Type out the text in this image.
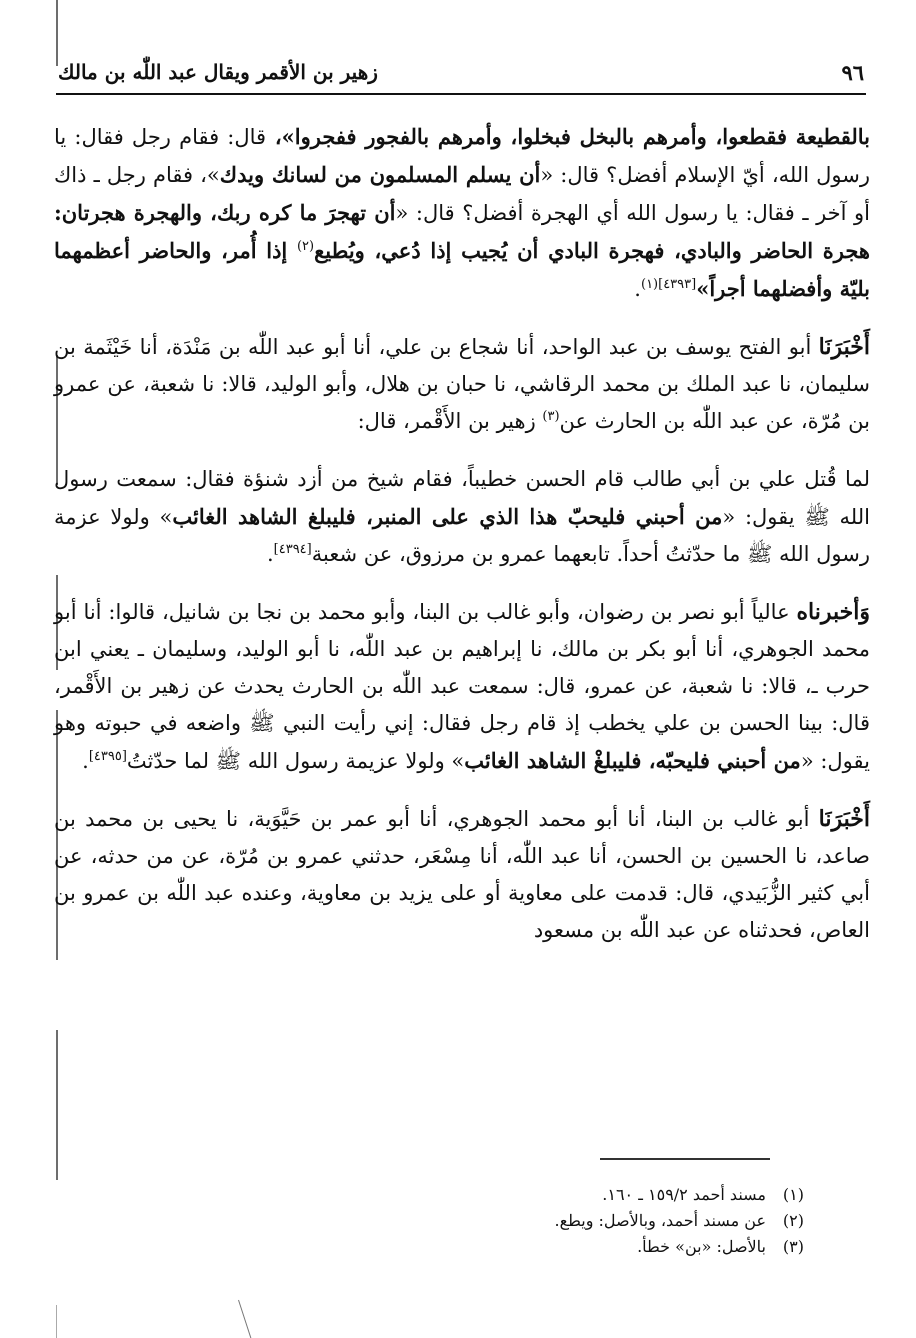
٩٦
زهير بن الأقمر ويقال عبد اللّٰه بن مالك

بالقطيعة فقطعوا، وأمرهم بالبخل فبخلوا، وأمرهم بالفجور ففجروا»، قال: فقام رجل فقال: يا رسول الله، أيّ الإسلام أفضل؟ قال: «أن يسلم المسلمون من لسانك ويدك»، فقام رجل ـ ذاك أو آخر ـ فقال: يا رسول الله أي الهجرة أفضل؟ قال: «أن تهجرَ ما كره ربك، والهجرة هجرتان: هجرة الحاضر والبادي، فهجرة البادي أن يُجيب إذا دُعي، ويُطيع$^{(٢)}$ إذا أُمر، والحاضر أعظمهما بليّة وأفضلهما أجراً»$^{[٤٣٩٣](١)}$.

أَخْبَرَنَا أبو الفتح يوسف بن عبد الواحد، أنا شجاع بن علي، أنا أبو عبد اللّٰه بن مَنْدَة، أنا خَيْثَمة بن سليمان، نا عبد الملك بن محمد الرقاشي، نا حبان بن هلال، وأبو الوليد، قالا: نا شعبة، عن عمرو بن مُرّة، عن عبد اللّٰه بن الحارث عن$^{(٣)}$ زهير بن الأَقْمر، قال:

لما قُتل علي بن أبي طالب قام الحسن خطيباً، فقام شيخ من أزد شنؤة فقال: سمعت رسول الله ﷺ يقول: «من أحبني فليحبّ هذا الذي على المنبر، فليبلغ الشاهد الغائب» ولولا عزمة رسول الله ﷺ ما حدّثتُ أحداً. تابعهما عمرو بن مرزوق، عن شعبة[٤٣٩٤].

وَأخبرناه عالياً أبو نصر بن رضوان، وأبو غالب بن البنا، وأبو محمد بن نجا بن شانيل، قالوا: أنا أبو محمد الجوهري، أنا أبو بكر بن مالك، نا إبراهيم بن عبد اللّٰه، نا أبو الوليد، وسليمان ـ يعني ابن حرب ـ، قالا: نا شعبة، عن عمرو، قال: سمعت عبد اللّٰه بن الحارث يحدث عن زهير بن الأَقْمر، قال: بينا الحسن بن علي يخطب إذ قام رجل فقال: إني رأيت النبي ﷺ واضعه في حبوته وهو يقول: «من أحبني فليحبّه، فليبلغْ الشاهد الغائب» ولولا عزيمة رسول الله ﷺ لما حدّثتُ[٤٣٩٥].

أَخْبَرَنَا أبو غالب بن البنا، أنا أبو محمد الجوهري، أنا أبو عمر بن حَيَّوَية، نا يحيى بن محمد بن صاعد، نا الحسين بن الحسن، أنا عبد اللّٰه، أنا مِسْعَر، حدثني عمرو بن مُرّة، عن من حدثه، عن أبي كثير الزُّبَيدي، قال: قدمت على معاوية أو على يزيد بن معاوية، وعنده عبد اللّٰه بن عمرو بن العاص، فحدثناه عن عبد اللّٰه بن مسعود

(١)مسند أحمد ١٥٩/٢ ـ ١٦٠.
(٢)عن مسند أحمد، وبالأصل: ويطع.
(٣)بالأصل: «بن» خطأ.
